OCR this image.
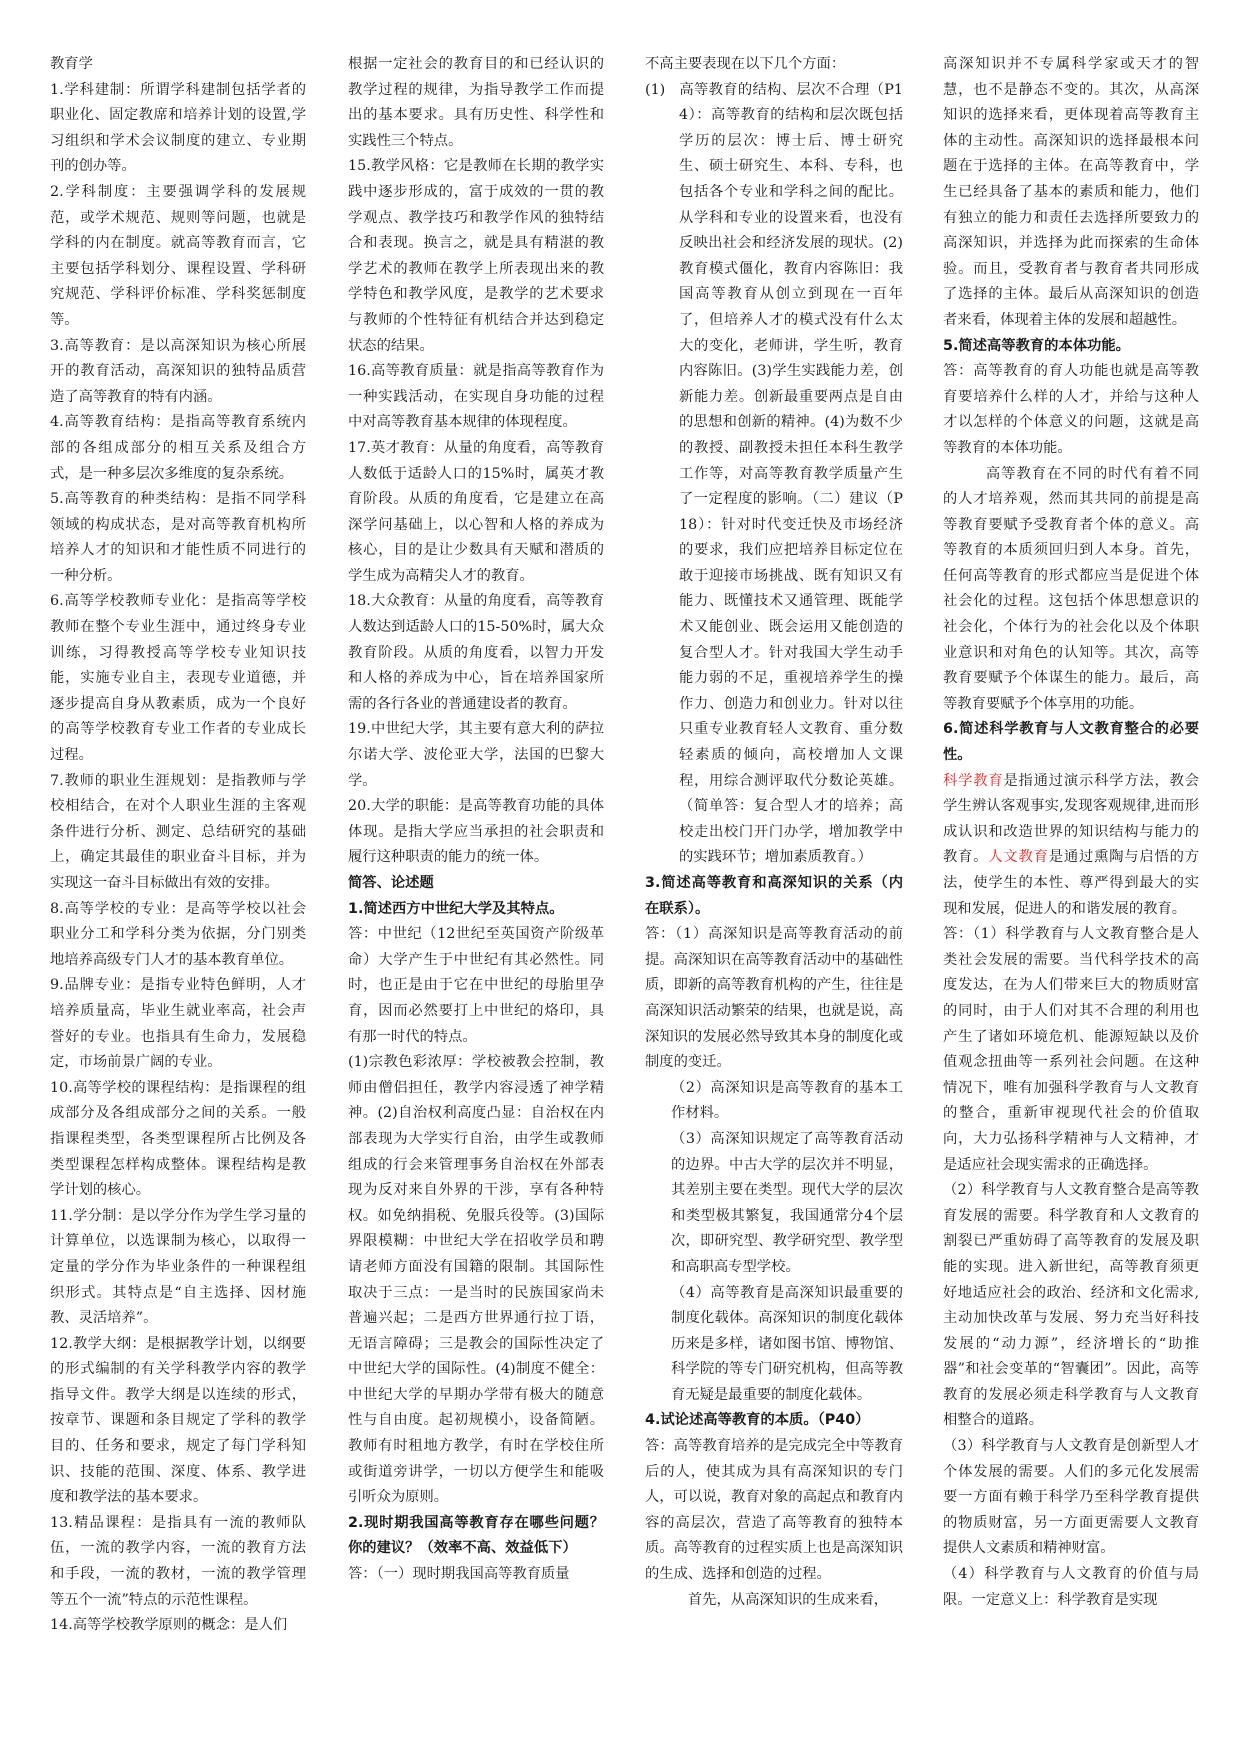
教育学

1.学科建制：所谓学科建制包括学者的职业化、固定教席和培养计划的设置,学习组织和学术会议制度的建立、专业期刊的创办等。

2.学科制度：主要强调学科的发展规范，或学术规范、规则等问题，也就是学科的内在制度。就高等教育而言，它主要包括学科划分、课程设置、学科研究规范、学科评价标准、学科奖惩制度等。

3.高等教育：是以高深知识为核心所展开的教育活动，高深知识的独特品质营造了高等教育的特有内涵。

4.高等教育结构：是指高等教育系统内部的各组成部分的相互关系及组合方式，是一种多层次多维度的复杂系统。

5.高等教育的种类结构：是指不同学科领域的构成状态，是对高等教育机构所培养人才的知识和才能性质不同进行的一种分析。

6.高等学校教师专业化：是指高等学校教师在整个专业生涯中，通过终身专业训练，习得教授高等学校专业知识技能，实施专业自主，表现专业道德，并逐步提高自身从教素质，成为一个良好的高等学校教育专业工作者的专业成长过程。

7.教师的职业生涯规划：是指教师与学校相结合，在对个人职业生涯的主客观条件进行分析、测定、总结研究的基础上，确定其最佳的职业奋斗目标，并为实现这一奋斗目标做出有效的安排。

8.高等学校的专业：是高等学校以社会职业分工和学科分类为依据，分门别类地培养高级专门人才的基本教育单位。

9.品牌专业：是指专业特色鲜明，人才培养质量高，毕业生就业率高，社会声誉好的专业。也指具有生命力，发展稳定，市场前景广阔的专业。

10.高等学校的课程结构：是指课程的组成部分及各组成部分之间的关系。一般指课程类型，各类型课程所占比例及各类型课程怎样构成整体。课程结构是教学计划的核心。

11.学分制：是以学分作为学生学习量的计算单位，以选课制为核心，以取得一定量的学分作为毕业条件的一种课程组织形式。其特点是“自主选择、因材施教、灵活培养”。

12.教学大纲：是根据教学计划，以纲要的形式编制的有关学科教学内容的教学指导文件。教学大纲是以连续的形式，按章节、课题和条目规定了学科的教学目的、任务和要求，规定了每门学科知识、技能的范围、深度、体系、教学进度和教学法的基本要求。

13.精品课程：是指具有一流的教师队伍，一流的教学内容，一流的教育方法和手段，一流的教材，一流的教学管理等五个一流”特点的示范性课程。

14.高等学校教学原则的概念：是人们

根据一定社会的教育目的和已经认识的教学过程的规律，为指导教学工作而提出的基本要求。具有历史性、科学性和实践性三个特点。

15.教学风格：它是教师在长期的教学实践中逐步形成的，富于成效的一贯的教学观点、教学技巧和教学作风的独特结合和表现。换言之，就是具有精湛的教学艺术的教师在教学上所表现出来的教学特色和教学风度，是教学的艺术要求与教师的个性特征有机结合并达到稳定状态的结果。

16.高等教育质量：就是指高等教育作为一种实践活动，在实现自身功能的过程中对高等教育基本规律的体现程度。

17.英才教育：从量的角度看，高等教育人数低于适龄人口的15%时，属英才教育阶段。从质的角度看，它是建立在高深学问基础上，以心智和人格的养成为核心，目的是让少数具有天赋和潜质的学生成为高精尖人才的教育。

18.大众教育：从量的角度看，高等教育人数达到适龄人口的15-50%时，属大众教育阶段。从质的角度看，以智力开发和人格的养成为中心，旨在培养国家所需的各行各业的普通建设者的教育。

19.中世纪大学，其主要有意大利的萨拉尔诺大学、波伦亚大学，法国的巴黎大学。

20.大学的职能：是高等教育功能的具体体现。是指大学应当承担的社会职责和履行这种职责的能力的统一体。

简答、论述题

1.简述西方中世纪大学及其特点。

答：中世纪（12世纪至英国资产阶级革命）大学产生于中世纪有其必然性。同时，也正是由于它在中世纪的母胎里孕育，因而必然要打上中世纪的烙印，具有那一时代的特点。

(1)宗教色彩浓厚：学校被教会控制，教师由僧侣担任，教学内容浸透了神学精神。(2)自治权利高度凸显：自治权在内部表现为大学实行自治，由学生或教师组成的行会来管理事务自治权在外部表现为反对来自外界的干涉，享有各种特权。如免纳捐税、免服兵役等。(3)国际界限模糊：中世纪大学在招收学员和聘请老师方面没有国籍的限制。其国际性取决于三点：一是当时的民族国家尚未普遍兴起；二是西方世界通行拉丁语，无语言障碍；三是教会的国际性决定了中世纪大学的国际性。(4)制度不健全：中世纪大学的早期办学带有极大的随意性与自由度。起初规模小，设备简陋。教师有时租地方教学，有时在学校住所或街道旁讲学，一切以方便学生和能吸引听众为原则。

2.现时期我国高等教育存在哪些问题？你的建议？（效率不高、效益低下）

答：（一）现时期我国高等教育质量

不高主要表现在以下几个方面：

(1) 高等教育的结构、层次不合理（P14）：高等教育的结构和层次既包括学历的层次：博士后、博士研究生、硕士研究生、本科、专科，也包括各个专业和学科之间的配比。从学科和专业的设置来看，也没有反映出社会和经济发展的现状。(2)教育模式僵化，教育内容陈旧：我国高等教育从创立到现在一百年了，但培养人才的模式没有什么太大的变化，老师讲，学生听，教育内容陈旧。(3)学生实践能力差，创新能力差。创新最重要两点是自由的思想和创新的精神。(4)为数不少的教授、副教授未担任本科生教学工作等，对高等教育教学质量产生了一定程度的影响。（二）建议（P18）：针对时代变迁快及市场经济的要求，我们应把培养目标定位在敢于迎接市场挑战、既有知识又有能力、既懂技术又通管理、既能学术又能创业、既会运用又能创造的复合型人才。针对我国大学生动手能力弱的不足，重视培养学生的操作力、创造力和创业力。针对以往只重专业教育轻人文教育、重分数轻素质的倾向，高校增加人文课程，用综合测评取代分数论英雄。（简单答：复合型人才的培养；高校走出校门开门办学，增加教学中的实践环节；增加素质教育。）

3.简述高等教育和高深知识的关系（内在联系）。

答：（1）高深知识是高等教育活动的前提。高深知识在高等教育活动中的基础性质，即新的高等教育机构的产生，往往是高深知识活动繁荣的结果，也就是说，高深知识的发展必然导致其本身的制度化或制度的变迁。

（2）高深知识是高等教育的基本工作材料。

（3）高深知识规定了高等教育活动的边界。中古大学的层次并不明显，其差别主要在类型。现代大学的层次和类型极其繁复，我国通常分4个层次，即研究型、教学研究型、教学型和高职高专型学校。

（4）高等教育是高深知识最重要的制度化载体。高深知识的制度化载体历来是多样，诸如图书馆、博物馆、科学院的等专门研究机构，但高等教育无疑是最重要的制度化载体。

4.试论述高等教育的本质。（P40）

答：高等教育培养的是完成完全中等教育后的人，使其成为具有高深知识的专门人，可以说，教育对象的高起点和教育内容的高层次，营造了高等教育的独特本质。高等教育的过程实质上也是高深知识的生成、选择和创造的过程。

首先，从高深知识的生成来看，

高深知识并不专属科学家或天才的智慧，也不是静态不变的。其次，从高深知识的选择来看，更体现着高等教育主体的主动性。高深知识的选择最根本问题在于选择的主体。在高等教育中，学生已经具备了基本的素质和能力，他们有独立的能力和责任去选择所要致力的高深知识，并选择为此而探索的生命体验。而且，受教育者与教育者共同形成了选择的主体。最后从高深知识的创造者来看，体现着主体的发展和超越性。

5.简述高等教育的本体功能。

答：高等教育的育人功能也就是高等教育要培养什么样的人才，并给与这种人才以怎样的个体意义的问题，这就是高等教育的本体功能。

高等教育在不同的时代有着不同的人才培养观，然而其共同的前提是高等教育要赋予受教育者个体的意义。高等教育的本质须回归到人本身。首先，任何高等教育的形式都应当是促进个体社会化的过程。这包括个体思想意识的社会化，个体行为的社会化以及个体职业意识和对角色的认知等。其次，高等教育要赋予个体谋生的能力。最后，高等教育要赋予个体享用的功能。

6.简述科学教育与人文教育整合的必要性。

科学教育是指通过演示科学方法，教会学生辨认客观事实,发现客观规律,进而形成认识和改造世界的知识结构与能力的教育。人文教育是通过熏陶与启悟的方法，使学生的本性、尊严得到最大的实现和发展，促进人的和谐发展的教育。

答：（1）科学教育与人文教育整合是人类社会发展的需要。当代科学技术的高度发达，在为人们带来巨大的物质财富的同时，由于人们对其不合理的利用也产生了诸如环境危机、能源短缺以及价值观念扭曲等一系列社会问题。在这种情况下，唯有加强科学教育与人文教育的整合，重新审视现代社会的价值取向，大力弘扬科学精神与人文精神，才是适应社会现实需求的正确选择。

（2）科学教育与人文教育整合是高等教育发展的需要。科学教育和人文教育的割裂已严重妨碍了高等教育的发展及职能的实现。进入新世纪，高等教育须更好地适应社会的政治、经济和文化需求,主动加快改革与发展、努力充当好科技发展的“动力源”，经济增长的“助推器”和社会变革的“智囊团”。因此，高等教育的发展必须走科学教育与人文教育相整合的道路。

（3）科学教育与人文教育是创新型人才个体发展的需要。人们的多元化发展需要一方面有赖于科学乃至科学教育提供的物质财富，另一方面更需要人文教育提供人文素质和精神财富。

（4）科学教育与人文教育的价值与局限。一定意义上：科学教育是实现
